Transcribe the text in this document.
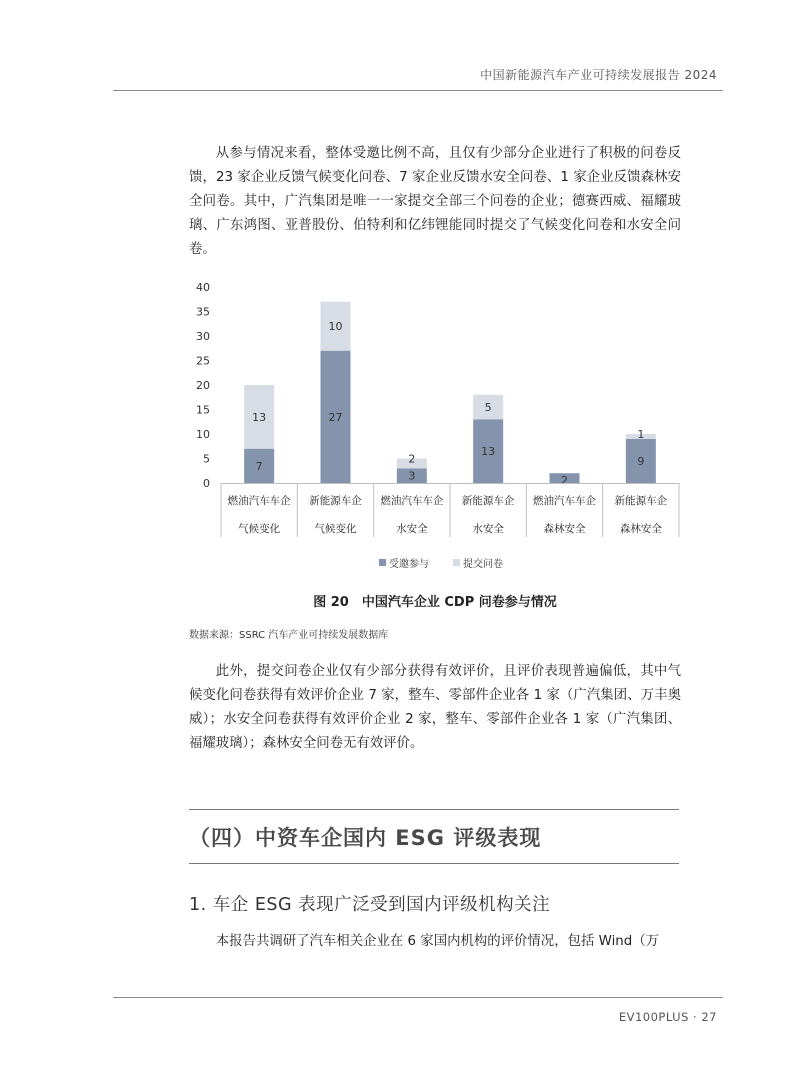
中国新能源汽车产业可持续发展报告 2024

从参与情况来看，整体受邀比例不高，且仅有少部分企业进行了积极的问卷反馈，23 家企业反馈气候变化问卷、7 家企业反馈水安全问卷、1 家企业反馈森林安全问卷。其中，广汽集团是唯一一家提交全部三个问卷的企业；德赛西威、福耀玻璃、广东鸿图、亚普股份、伯特利和亿纬锂能同时提交了气候变化问卷和水安全问卷。

0
5
10
15
20
25
30
35
40
7
13	27
10
3
2
13
5
2
9
1
燃油汽车车企
气候变化
新能源车企
气候变化
燃油汽车车企
水安全
新能源车企
水安全
燃油汽车车企
森林安全
新能源车企
森林安全
受邀参与	提交问卷
图 20　中国汽车企业 CDP 问卷参与情况
数据来源：SSRC 汽车产业可持续发展数据库

此外，提交问卷企业仅有少部分获得有效评价，且评价表现普遍偏低，其中气候变化问卷获得有效评价企业 7 家，整车、零部件企业各 1 家（广汽集团、万丰奥威）；水安全问卷获得有效评价企业 2 家，整车、零部件企业各 1 家（广汽集团、福耀玻璃）；森林安全问卷无有效评价。

（四）中资车企国内 ESG 评级表现
1. 车企 ESG 表现广泛受到国内评级机构关注

本报告共调研了汽车相关企业在 6 家国内机构的评价情况，包括 Wind（万

EV100PLUS · 27
